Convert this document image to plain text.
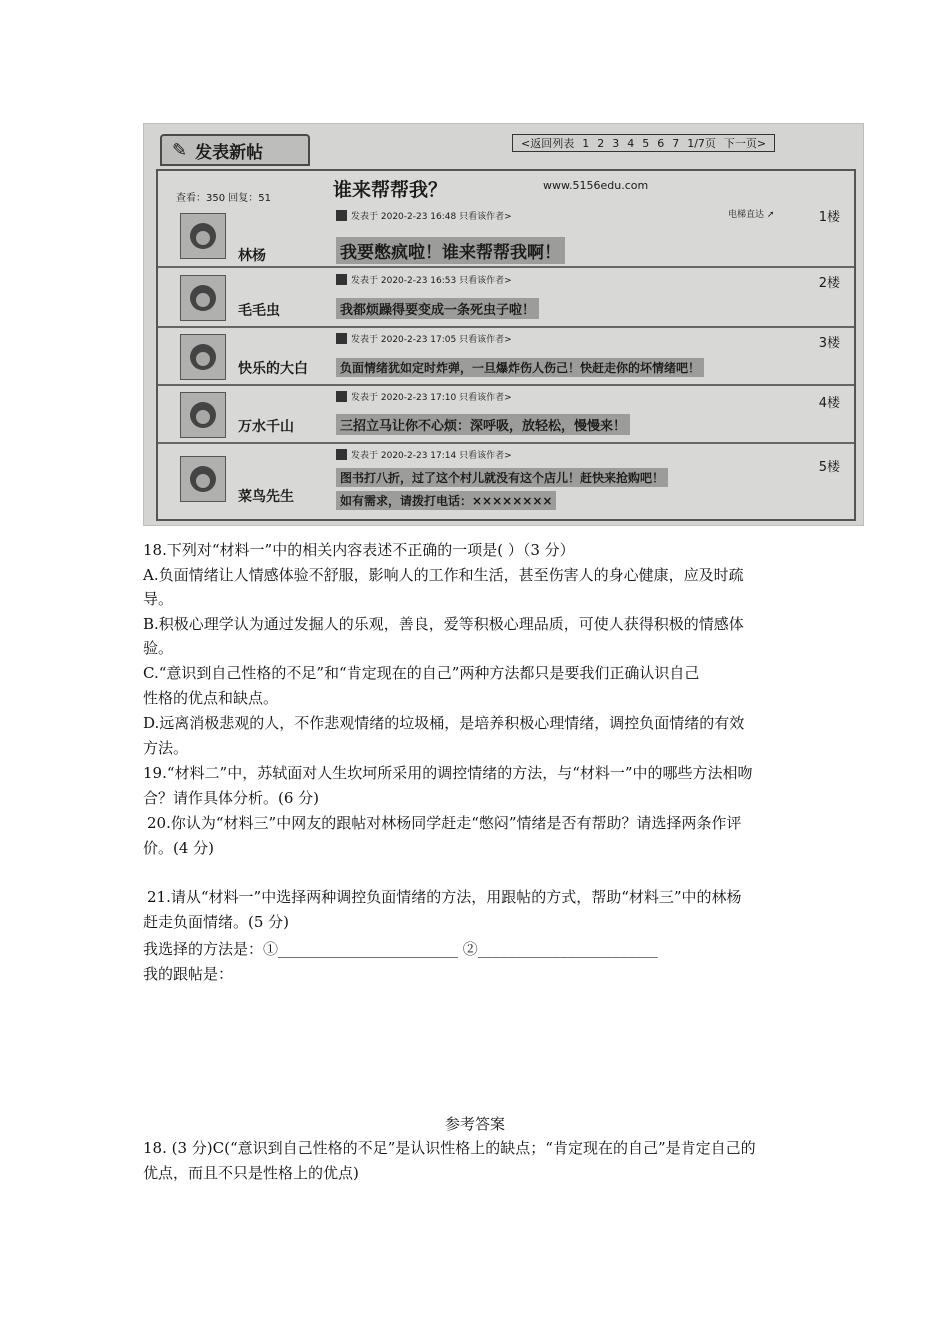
✎ 发表新帖	<返回列表 1 2 3 4 5 6 7 1/7页 下一页>
查看：350 回复：51	谁来帮帮我？	www.5156edu.com
电梯直达 ➚
林杨
发表于 2020-2-23 16:48 只看该作者>	1楼
我要憋疯啦！谁来帮帮我啊！
毛毛虫
发表于 2020-2-23 16:53 只看该作者>	2楼
我都烦躁得要变成一条死虫子啦！
快乐的大白
发表于 2020-2-23 17:05 只看该作者>	3楼
负面情绪犹如定时炸弹，一旦爆炸伤人伤己！快赶走你的坏情绪吧！
万水千山
发表于 2020-2-23 17:10 只看该作者>	4楼
三招立马让你不心烦：深呼吸，放轻松，慢慢来！
菜鸟先生
发表于 2020-2-23 17:14 只看该作者>
5楼
图书打八折，过了这个村儿就没有这个店儿！赶快来抢购吧！
如有需求，请拨打电话：××××××××
18.下列对“材料一”中的相关内容表述不正确的一项是( ）（3 分）
A.负面情绪让人情感体验不舒服，影响人的工作和生活，甚至伤害人的身心健康，应及时疏
导。
B.积极心理学认为通过发掘人的乐观，善良，爱等积极心理品质，可使人获得积极的情感体
验。
C.“意识到自己性格的不足”和“肯定现在的自己”两种方法都只是要我们正确认识自己
性格的优点和缺点。
D.远离消极悲观的人，不作悲观情绪的垃圾桶，是培养积极心理情绪，调控负面情绪的有效
方法。
19.“材料二”中，苏轼面对人生坎坷所采用的调控情绪的方法，与“材料一”中的哪些方法相吻
合？请作具体分析。(6 分)
20.你认为“材料三”中网友的跟帖对林杨同学赶走“憋闷”情绪是否有帮助？请选择两条作评
价。(4 分)
21.请从“材料一”中选择两种调控负面情绪的方法，用跟帖的方式，帮助“材料三”中的林杨
赶走负面情绪。(5 分)
我选择的方法是：①________________________ ②________________________
我的跟帖是：
参考答案
18. (3 分)C(“意识到自己性格的不足”是认识性格上的缺点；“肯定现在的自己”是肯定自己的
优点，而且不只是性格上的优点)
